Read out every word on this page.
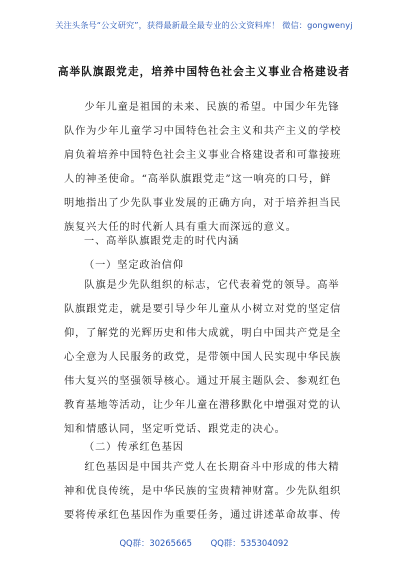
关注头条号“公文研究”，获得最新最全最专业的公文资料库！ 微信：gongwenyj
高举队旗跟党走，培养中国特色社会主义事业合格建设者

少年儿童是祖国的未来、民族的希望。中国少年先锋队作为少年儿童学习中国特色社会主义和共产主义的学校肩负着培养中国特色社会主义事业合格建设者和可靠接班人的神圣使命。“高举队旗跟党走”这一响亮的口号，鲜明地指出了少先队事业发展的正确方向，对于培养担当民族复兴大任的时代新人具有重大而深远的意义。

一、高举队旗跟党走的时代内涵

（一）坚定政治信仰

队旗是少先队组织的标志，它代表着党的领导。高举队旗跟党走，就是要引导少年儿童从小树立对党的坚定信仰，了解党的光辉历史和伟大成就，明白中国共产党是全心全意为人民服务的政党，是带领中国人民实现中华民族伟大复兴的坚强领导核心。通过开展主题队会、参观红色教育基地等活动，让少年儿童在潜移默化中增强对党的认知和情感认同，坚定听党话、跟党走的决心。

（二）传承红色基因

红色基因是中国共产党人在长期奋斗中形成的伟大精神和优良传统，是中华民族的宝贵精神财富。少先队组织要将传承红色基因作为重要任务，通过讲述革命故事、传

QQ群：30265665 QQ群：535304092
